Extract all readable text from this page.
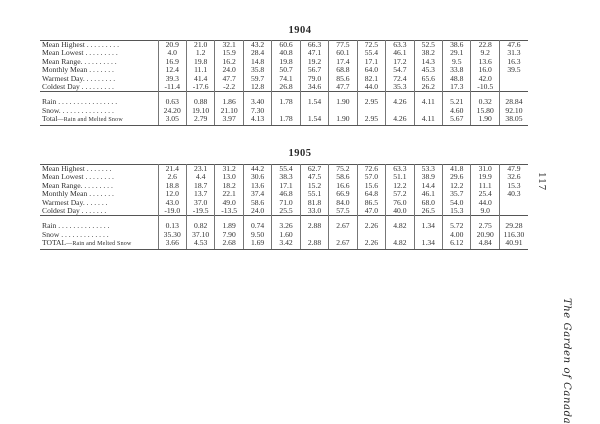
1904
Mean Highest . . . . . . . . .	20.9	21.0	32.1	43.2	60.6	66.3	77.5	72.5	63.3	52.5	38.6	22.8	47.6
Mean Lowest . . . . . . . . .	4.0	1.2	15.9	28.4	40.8	47.1	60.1	55.4	46.1	38.2	29.1	9.2	31.3
Mean Range. . . . . . . . . .	16.9	19.8	16.2	14.8	19.8	19.2	17.4	17.1	17.2	14.3	9.5	13.6	16.3
Monthly Mean . . . . . . .	12.4	11.1	24.0	35.8	50.7	56.7	68.8	64.0	54.7	45.3	33.8	16.0	39.5
Warmest Day. . . . . . . . .	39.3	41.4	47.7	59.7	74.1	79.0	85.6	82.1	72.4	65.6	48.8	42.0	
Coldest Day . . . . . . . . .	-11.4	-17.6	-2.2	12.8	26.8	34.6	47.7	44.0	35.3	26.2	17.3	-10.5	

Rain . . . . . . . . . . . . . . . .	0.63	0.88	1.86	3.40	1.78	1.54	1.90	2.95	4.26	4.11	5.21	0.32	28.84
Snow. . . . . . . . . . . . . . .	24.20	19.10	21.10	7.30							4.60	15.80	92.10
Total—Rain and Melted Snow	3.05	2.79	3.97	4.13	1.78	1.54	1.90	2.95	4.26	4.11	5.67	1.90	38.05
1905
Mean Highest . . . . . . .	21.4	23.1	31.2	44.2	55.4	62.7	75.2	72.6	63.3	53.3	41.8	31.0	47.9
Mean Lowest . . . . . . . .	2.6	4.4	13.0	30.6	38.3	47.5	58.6	57.0	51.1	38.9	29.6	19.9	32.6
Mean Range. . . . . . . . .	18.8	18.7	18.2	13.6	17.1	15.2	16.6	15.6	12.2	14.4	12.2	11.1	15.3
Monthly Mean . . . . . . .	12.0	13.7	22.1	37.4	46.8	55.1	66.9	64.8	57.2	46.1	35.7	25.4	40.3
Warmest Day. . . . . . .	43.0	37.0	49.0	58.6	71.0	81.8	84.0	86.5	76.0	68.0	54.0	44.0	
Coldest Day . . . . . . .	-19.0	-19.5	-13.5	24.0	25.5	33.0	57.5	47.0	40.0	26.5	15.3	9.0	

Rain . . . . . . . . . . . . . .	0.13	0.82	1.89	0.74	3.26	2.88	2.67	2.26	4.82	1.34	5.72	2.75	29.28
Snow . . . . . . . . . . . . .	35.30	37.10	7.90	9.50	1.60						4.00	20.90	116.30
TOTAL—Rain and Melted Snow	3.66	4.53	2.68	1.69	3.42	2.88	2.67	2.26	4.82	1.34	6.12	4.84	40.91
117
The Garden of Canada
